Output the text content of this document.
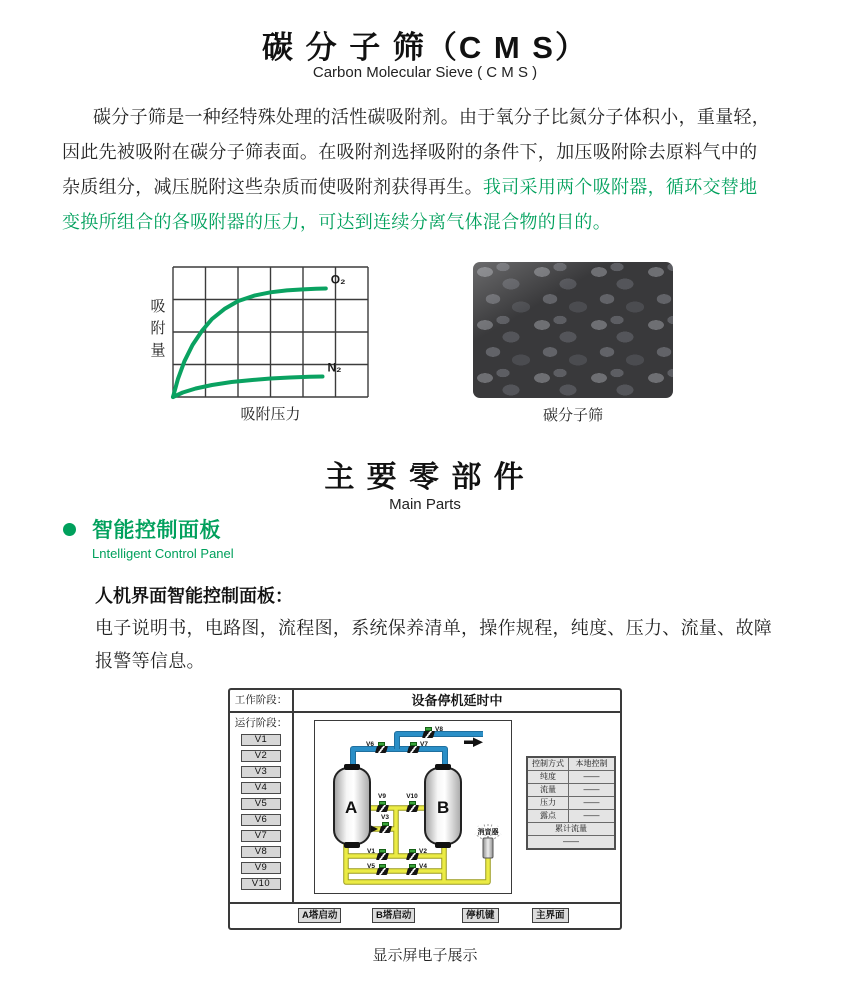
碳 分 子 筛（C M S）
Carbon Molecular Sieve ( C M S )
碳分子筛是一种经特殊处理的活性碳吸附剂。由于氧分子比氮分子体积小，重量轻，
因此先被吸附在碳分子筛表面。在吸附剂选择吸附的条件下，加压吸附除去原料气中的
杂质组分，减压脱附这些杂质而使吸附剂获得再生。我司采用两个吸附器，循环交替地
变换所组合的各吸附器的压力，可达到连续分离气体混合物的目的。
吸附量
O₂
N₂
吸附压力	碳分子筛
主 要 零 部 件
Main Parts
智能控制面板
Lntelligent Control Panel
人机界面智能控制面板：
电子说明书，电路图，流程图，系统保养清单，操作规程，纯度、压力、流量、故障
报警等信息。
工作阶段：	设备停机延时中
运行阶段：
V1
V2
V3
V4
V5
V6
V7
V8
V9
V10
A	B
V1	V2
V3
V4
V5
V6	V7
V8
V9	V10
消音器
控制方式	本地控制
纯度	——
流量	——
压力	——
露点	——
累计流量
——
A塔启动	B塔启动	停机键	主界面
显示屏电子展示
